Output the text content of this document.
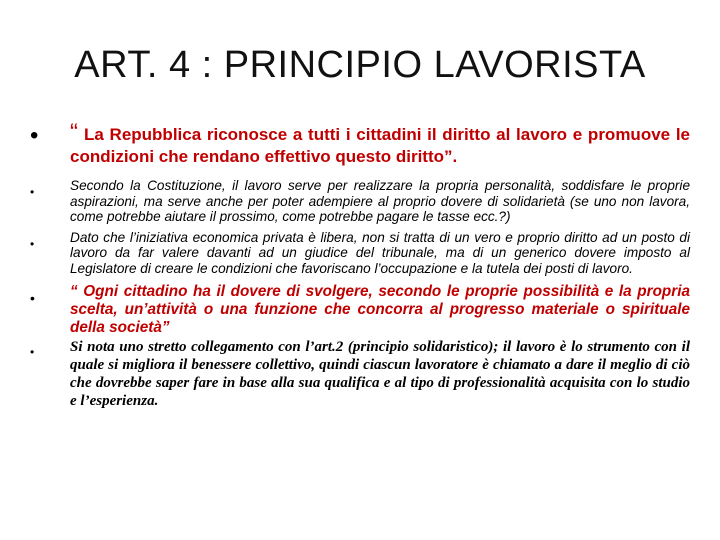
ART. 4 : PRINCIPIO LAVORISTA
• “ La Repubblica riconosce a tutti i cittadini il diritto al lavoro e promuove le condizioni che rendano effettivo questo diritto”.
•	Secondo la Costituzione, il lavoro serve per realizzare la propria personalità, soddisfare le proprie aspirazioni, ma serve anche per poter adempiere al proprio dovere di solidarietà (se uno non lavora, come potrebbe aiutare il prossimo, come potrebbe pagare le tasse ecc.?)
•	Dato che l’iniziativa economica privata è libera, non si tratta di un vero e proprio diritto ad un posto di lavoro da far valere davanti ad un giudice del tribunale, ma di un generico dovere imposto al Legislatore di creare le condizioni che favoriscano l’occupazione e la tutela dei posti di lavoro.
• “ Ogni cittadino ha il dovere di svolgere, secondo le proprie possibilità e la propria scelta, un’attività o una funzione che concorra al progresso materiale o spirituale della società”
• Si nota uno stretto collegamento con l’art.2 (principio solidaristico); il lavoro è lo strumento con il quale si migliora il benessere collettivo, quindi ciascun lavoratore è chiamato a dare il meglio di ciò che dovrebbe saper fare in base alla sua qualifica e al tipo di professionalità acquisita con lo studio e l’esperienza.
